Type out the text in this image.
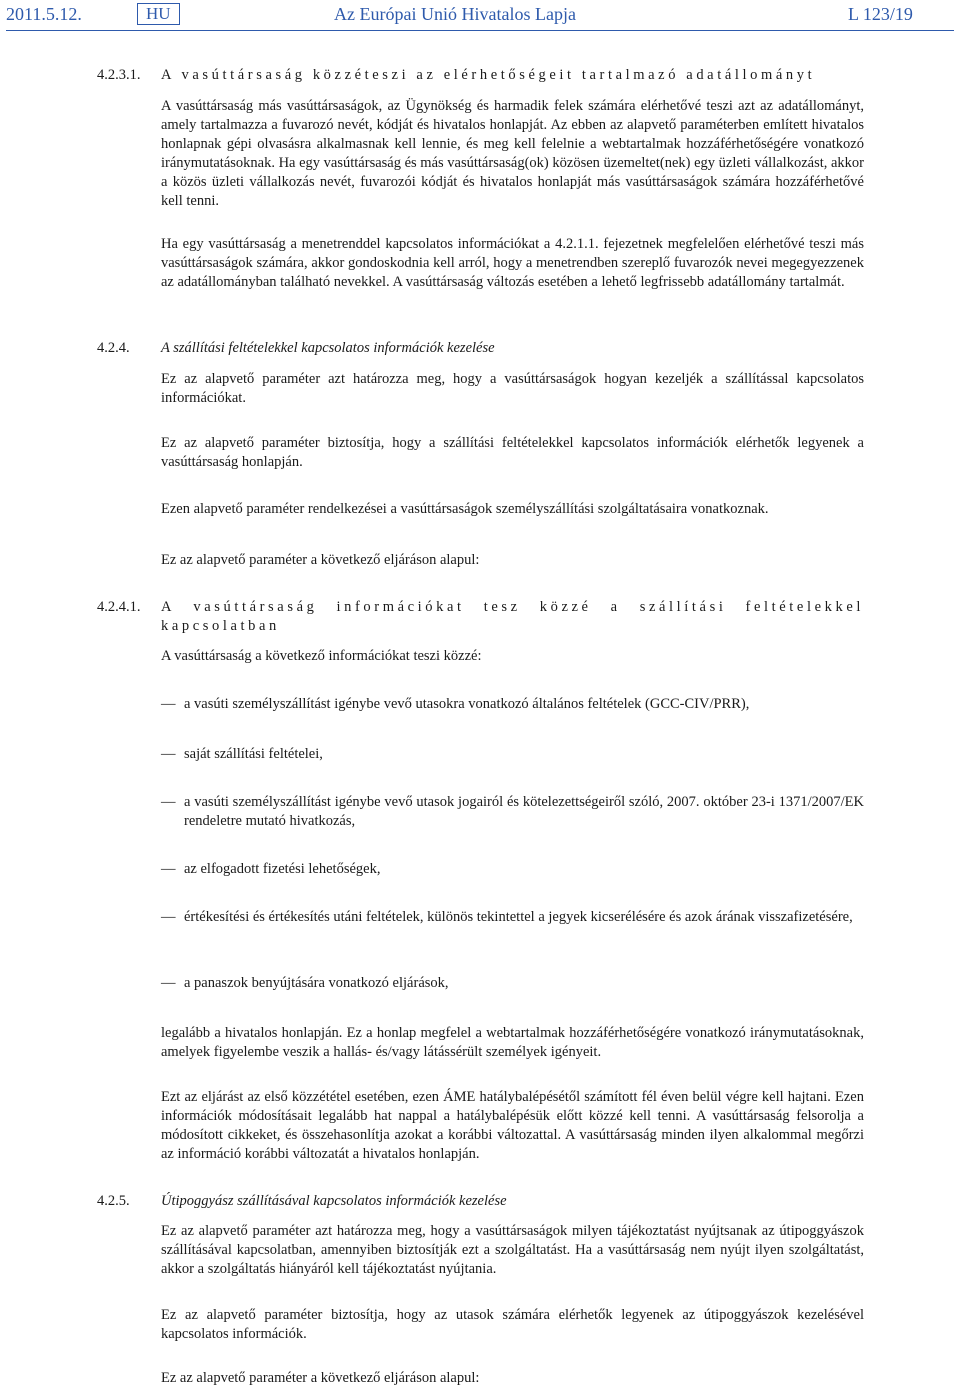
2011.5.12.	HU	Az Európai Unió Hivatalos Lapja	L 123/19
4.2.3.1. A vasúttársaság közzéteszi az elérhetőségeit tartalmazó adatállományt
A vasúttársaság más vasúttársaságok, az Ügynökség és harmadik felek számára elérhetővé teszi azt az adatállományt, amely tartalmazza a fuvarozó nevét, kódját és hivatalos honlapját. Az ebben az alapvető paraméterben említett hivatalos honlapnak gépi olvasásra alkalmasnak kell lennie, és meg kell felelnie a webtartalmak hozzáférhetőségére vonatkozó iránymutatásoknak. Ha egy vasúttársaság és más vasúttársaság(ok) közösen üzemeltet(nek) egy üzleti vállalkozást, akkor a közös üzleti vállalkozás nevét, fuvarozói kódját és hivatalos honlapját más vasúttársaságok számára hozzáférhetővé kell tenni.
Ha egy vasúttársaság a menetrenddel kapcsolatos információkat a 4.2.1.1. fejezetnek megfelelően elérhetővé teszi más vasúttársaságok számára, akkor gondoskodnia kell arról, hogy a menetrendben szereplő fuvarozók nevei megegyezzenek az adatállományban található nevekkel. A vasúttársaság változás esetében a lehető legfrissebb adatállomány tartalmát.
4.2.4. A szállítási feltételekkel kapcsolatos információk kezelése
Ez az alapvető paraméter azt határozza meg, hogy a vasúttársaságok hogyan kezeljék a szállítással kapcsolatos információkat.
Ez az alapvető paraméter biztosítja, hogy a szállítási feltételekkel kapcsolatos információk elérhetők legyenek a vasúttársaság honlapján.
Ezen alapvető paraméter rendelkezései a vasúttársaságok személyszállítási szolgáltatásaira vonatkoznak.
Ez az alapvető paraméter a következő eljáráson alapul:
4.2.4.1. A vasúttársaság információkat tesz közzé a szállítási feltételekkel kapcsolatban
A vasúttársaság a következő információkat teszi közzé:
— a vasúti személyszállítást igénybe vevő utasokra vonatkozó általános feltételek (GCC-CIV/PRR),
— saját szállítási feltételei,
— a vasúti személyszállítást igénybe vevő utasok jogairól és kötelezettségeiről szóló, 2007. október 23-i 1371/2007/EK rendeletre mutató hivatkozás,
— az elfogadott fizetési lehetőségek,
— értékesítési és értékesítés utáni feltételek, különös tekintettel a jegyek kicserélésére és azok árának visszafizetésére,
— a panaszok benyújtására vonatkozó eljárások,
legalább a hivatalos honlapján. Ez a honlap megfelel a webtartalmak hozzáférhetőségére vonatkozó iránymutatásoknak, amelyek figyelembe veszik a hallás- és/vagy látássérült személyek igényeit.
Ezt az eljárást az első közzététel esetében, ezen ÁME hatálybalépésétől számított fél éven belül végre kell hajtani. Ezen információk módosításait legalább hat nappal a hatálybalépésük előtt közzé kell tenni. A vasúttársaság felsorolja a módosított cikkeket, és összehasonlítja azokat a korábbi változattal. A vasúttársaság minden ilyen alkalommal megőrzi az információ korábbi változatát a hivatalos honlapján.
4.2.5. Útipoggyász szállításával kapcsolatos információk kezelése
Ez az alapvető paraméter azt határozza meg, hogy a vasúttársaságok milyen tájékoztatást nyújtsanak az útipoggyászok szállításával kapcsolatban, amennyiben biztosítják ezt a szolgáltatást. Ha a vasúttársaság nem nyújt ilyen szolgáltatást, akkor a szolgáltatás hiányáról kell tájékoztatást nyújtania.
Ez az alapvető paraméter biztosítja, hogy az utasok számára elérhetők legyenek az útipoggyászok kezelésével kapcsolatos információk.
Ez az alapvető paraméter a következő eljáráson alapul:
